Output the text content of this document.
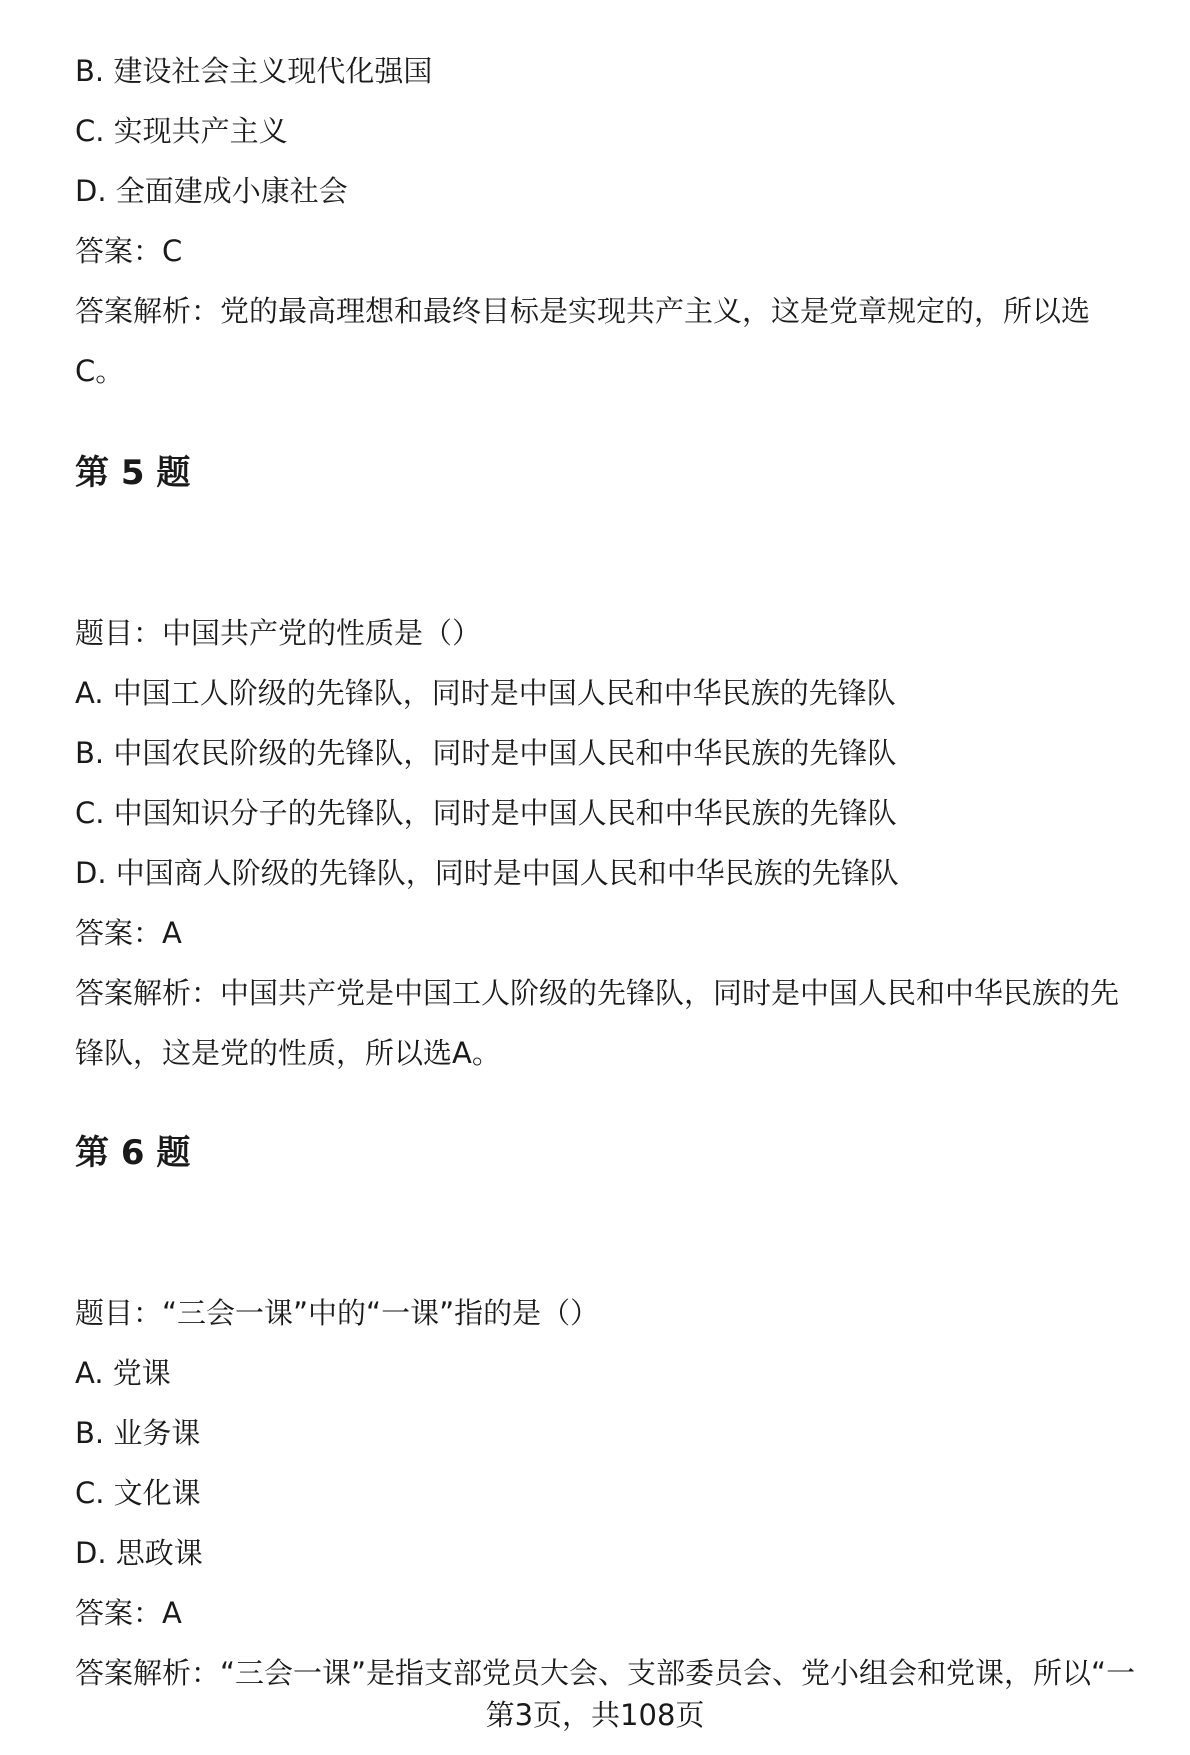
B. 建设社会主义现代化强国
C. 实现共产主义
D. 全面建成小康社会
答案：C
答案解析：党的最高理想和最终目标是实现共产主义，这是党章规定的，所以选
C。
第 5 题
题目：中国共产党的性质是（）
A. 中国工人阶级的先锋队，同时是中国人民和中华民族的先锋队
B. 中国农民阶级的先锋队，同时是中国人民和中华民族的先锋队
C. 中国知识分子的先锋队，同时是中国人民和中华民族的先锋队
D. 中国商人阶级的先锋队，同时是中国人民和中华民族的先锋队
答案：A
答案解析：中国共产党是中国工人阶级的先锋队，同时是中国人民和中华民族的先
锋队，这是党的性质，所以选A。
第 6 题
题目：“三会一课”中的“一课”指的是（）
A. 党课
B. 业务课
C. 文化课
D. 思政课
答案：A
答案解析：“三会一课”是指支部党员大会、支部委员会、党小组会和党课，所以“一
第3页，共108页
